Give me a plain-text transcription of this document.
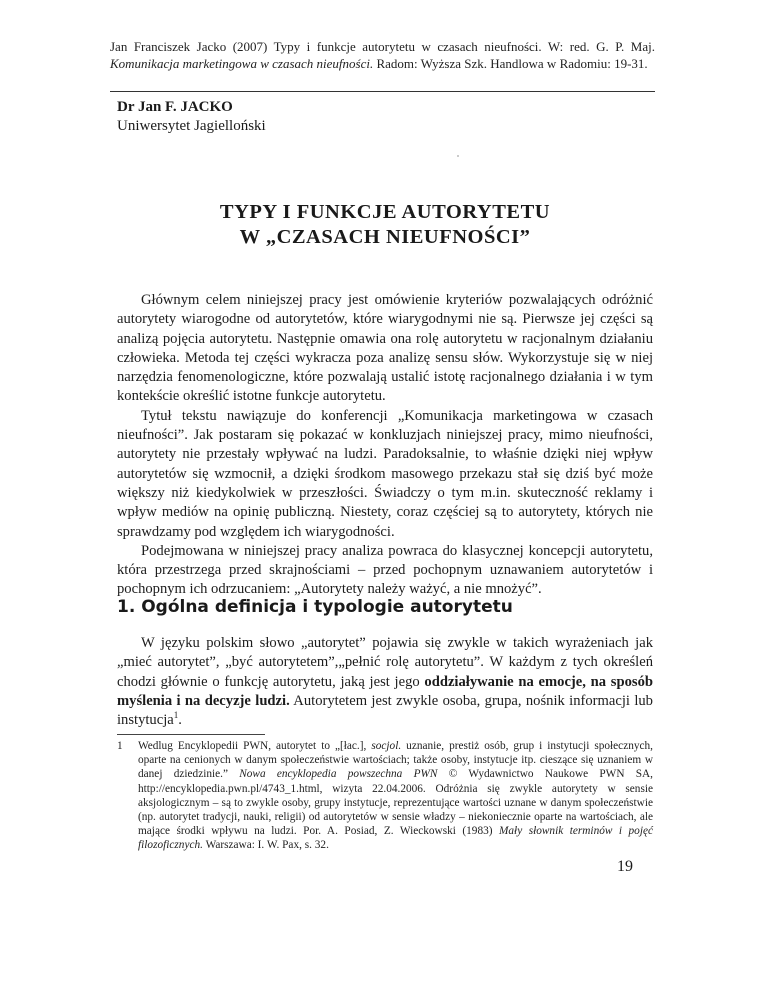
Jan Franciszek Jacko (2007) Typy i funkcje autorytetu w czasach nieufności. W: red. G. P. Maj. Komunikacja marketingowa w czasach nieufności. Radom: Wyższa Szk. Handlowa w Radomiu: 19-31.
Dr Jan F. JACKO
Uniwersytet Jagielloński
TYPY I FUNKCJE AUTORYTETU
W „CZASACH NIEUFNOŚCI”

Głównym celem niniejszej pracy jest omówienie kryteriów pozwalających odróżnić autorytety wiarogodne od autorytetów, które wiarygodnymi nie są. Pierwsze jej części są analizą pojęcia autorytetu. Następnie omawia ona rolę autorytetu w racjonalnym działaniu człowieka. Metoda tej części wykracza poza analizę sensu słów. Wykorzystuje się w niej narzędzia fenomenologiczne, które pozwalają ustalić istotę racjonalnego działania i w tym kontekście określić istotne funkcje autorytetu.

Tytuł tekstu nawiązuje do konferencji „Komunikacja marketingowa w czasach nieufności”. Jak postaram się pokazać w konkluzjach niniejszej pracy, mimo nieufności, autorytety nie przestały wpływać na ludzi. Paradoksalnie, to właśnie dzięki niej wpływ autorytetów się wzmocnił, a dzięki środkom masowego przekazu stał się dziś być może większy niż kiedykolwiek w przeszłości. Świadczy o tym m.in. skuteczność reklamy i wpływ mediów na opinię publiczną. Niestety, coraz częściej są to autorytety, których nie sprawdzamy pod względem ich wiarygodności.

Podejmowana w niniejszej pracy analiza powraca do klasycznej koncepcji autorytetu, która przestrzega przed skrajnościami – przed pochopnym uznawaniem autorytetów i pochopnym ich odrzucaniem: „Autorytety należy ważyć, a nie mnożyć”.

1. Ogólna definicja i typologie autorytetu

W języku polskim słowo „autorytet” pojawia się zwykle w takich wyrażeniach jak „mieć autorytet”, „być autorytetem”,„pełnić rolę autorytetu”. W każdym z tych określeń chodzi głównie o funkcję autorytetu, jaką jest jego oddziaływanie na emocje, na sposób myślenia i na decyzje ludzi. Autorytetem jest zwykle osoba, grupa, nośnik informacji lub instytucja$^1$.

1 Wedlug Encyklopedii PWN, autorytet to „[łac.], socjol. uznanie, prestiż osób, grup i instytucji społecznych, oparte na cenionych w danym społeczeństwie wartościach; także osoby, instytucje itp. cieszące się uznaniem w danej dziedzinie.” Nowa encyklopedia powszechna PWN © Wydawnictwo Naukowe PWN SA, http://encyklopedia.pwn.pl/4743_1.html, wizyta 22.04.2006. Odróżnia się zwykle autorytety w sensie aksjologicznym – są to zwykle osoby, grupy instytucje, reprezentujące wartości uznane w danym społeczeństwie (np. autorytet tradycji, nauki, religii) od autorytetów w sensie władzy – niekoniecznie oparte na wartościach, ale mające środki wpływu na ludzi. Por. A. Posiad, Z. Wieckowski (1983) Mały słownik terminów i pojęć filozoficznych. Warszawa: I. W. Pax, s. 32.
19
